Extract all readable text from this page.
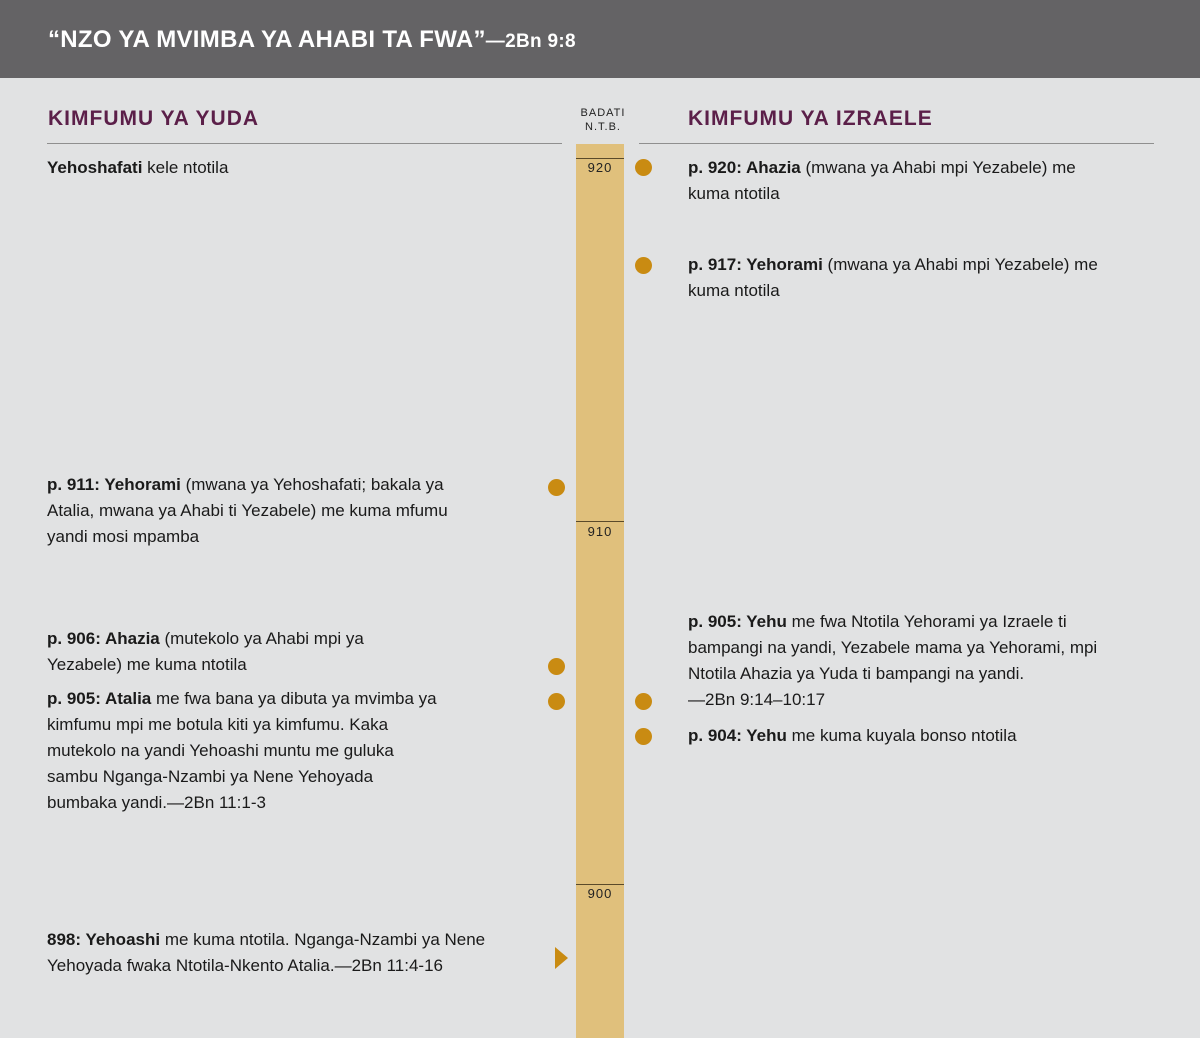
“NZO YA MVIMBA YA AHABI TA FWA”—2Bn 9:8
KIMFUMU YA YUDA	KIMFUMU YA IZRAELE
BADATI
N.T.B.
920
910
900
Yehoshafati kele ntotila
p. 911: Yehorami (mwana ya Yehoshafati; bakala ya Atalia, mwana ya Ahabi ti Yezabele) me kuma mfumu yandi mosi mpamba
p. 906: Ahazia (mutekolo ya Ahabi mpi ya Yezabele) me kuma ntotila
p. 905: Atalia me fwa bana ya dibuta ya mvimba ya kimfumu mpi me botula kiti ya kimfumu. Kaka mutekolo na yandi Yehoashi muntu me guluka sambu Nganga-Nzambi ya Nene Yehoyada bumbaka yandi.—2Bn 11:1-3
898: Yehoashi me kuma ntotila. Nganga-Nzambi ya Nene Yehoyada fwaka Ntotila-Nkento Atalia.—2Bn 11:4-16
p. 920: Ahazia (mwana ya Ahabi mpi Yezabele) me kuma ntotila
p. 917: Yehorami (mwana ya Ahabi mpi Yezabele) me kuma ntotila
p. 905: Yehu me fwa Ntotila Yehorami ya Izraele ti bampangi na yandi, Yezabele mama ya Yehorami, mpi Ntotila Ahazia ya Yuda ti bampangi na yandi.
—2Bn 9:14–10:17
p. 904: Yehu me kuma kuyala bonso ntotila
